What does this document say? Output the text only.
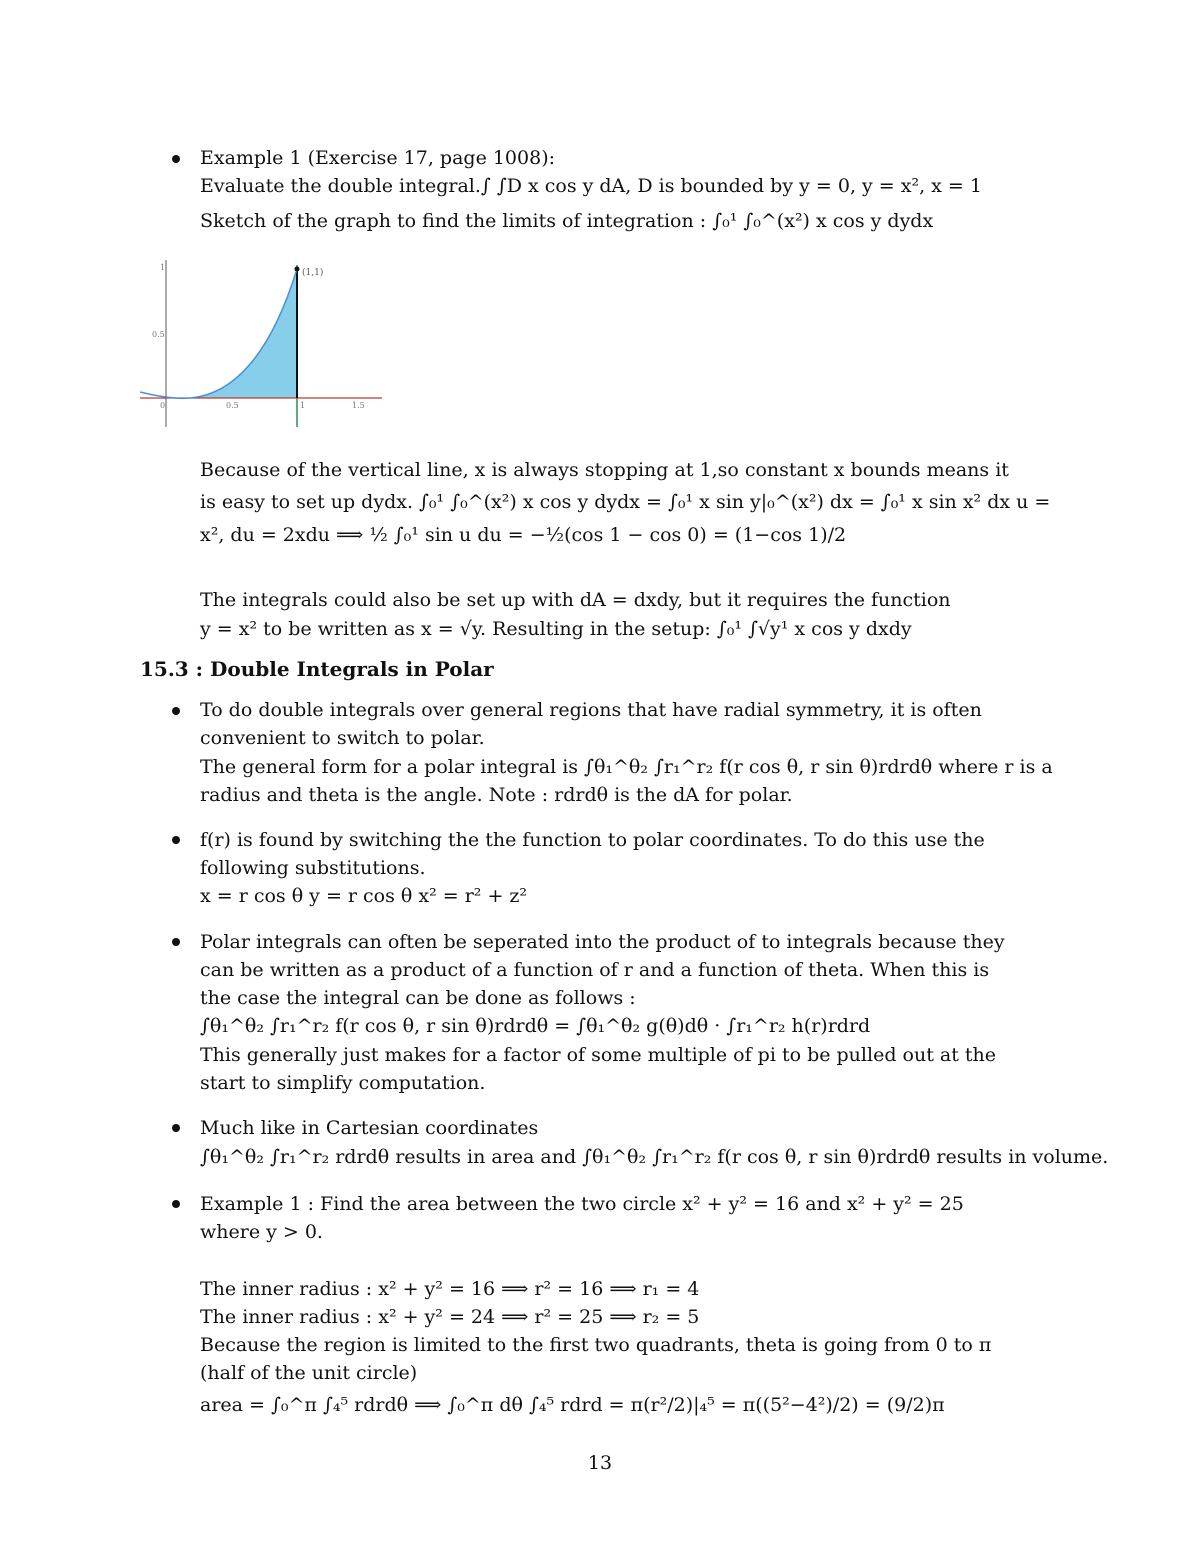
Example 1 (Exercise 17, page 1008):
Evaluate the double integral.∫ ∫D x cos y dA, D is bounded by y = 0, y = x², x = 1
Sketch of the graph to find the limits of integration : ∫₀¹ ∫₀^(x²) x cos y dydx
(1,1)
1
0.5
0	0.5	1	1.5
Because of the vertical line, x is always stopping at 1,so constant x bounds means it
is easy to set up dydx. ∫₀¹ ∫₀^(x²) x cos y dydx = ∫₀¹ x sin y|₀^(x²) dx = ∫₀¹ x sin x² dx u =
x², du = 2xdu ⟹ ½ ∫₀¹ sin u du = −½(cos 1 − cos 0) = (1−cos 1)/2
The integrals could also be set up with dA = dxdy, but it requires the function
y = x² to be written as x = √y. Resulting in the setup: ∫₀¹ ∫√y¹ x cos y dxdy
15.3 : Double Integrals in Polar
To do double integrals over general regions that have radial symmetry, it is often
convenient to switch to polar.
The general form for a polar integral is ∫θ₁^θ₂ ∫r₁^r₂ f(r cos θ, r sin θ)rdrdθ where r is a
radius and theta is the angle. Note : rdrdθ is the dA for polar.
f(r) is found by switching the the function to polar coordinates. To do this use the
following substitutions.
x = r cos θ y = r cos θ x² = r² + z²
Polar integrals can often be seperated into the product of to integrals because they
can be written as a product of a function of r and a function of theta. When this is
the case the integral can be done as follows :
∫θ₁^θ₂ ∫r₁^r₂ f(r cos θ, r sin θ)rdrdθ = ∫θ₁^θ₂ g(θ)dθ · ∫r₁^r₂ h(r)rdrd
This generally just makes for a factor of some multiple of pi to be pulled out at the
start to simplify computation.
Much like in Cartesian coordinates
∫θ₁^θ₂ ∫r₁^r₂ rdrdθ results in area and ∫θ₁^θ₂ ∫r₁^r₂ f(r cos θ, r sin θ)rdrdθ results in volume.
Example 1 : Find the area between the two circle x² + y² = 16 and x² + y² = 25
where y > 0.
The inner radius : x² + y² = 16 ⟹ r² = 16 ⟹ r₁ = 4
The inner radius : x² + y² = 24 ⟹ r² = 25 ⟹ r₂ = 5
Because the region is limited to the first two quadrants, theta is going from 0 to π
(half of the unit circle)
area = ∫₀^π ∫₄⁵ rdrdθ ⟹ ∫₀^π dθ ∫₄⁵ rdrd = π(r²/2)|₄⁵ = π((5²−4²)/2) = (9/2)π
13
